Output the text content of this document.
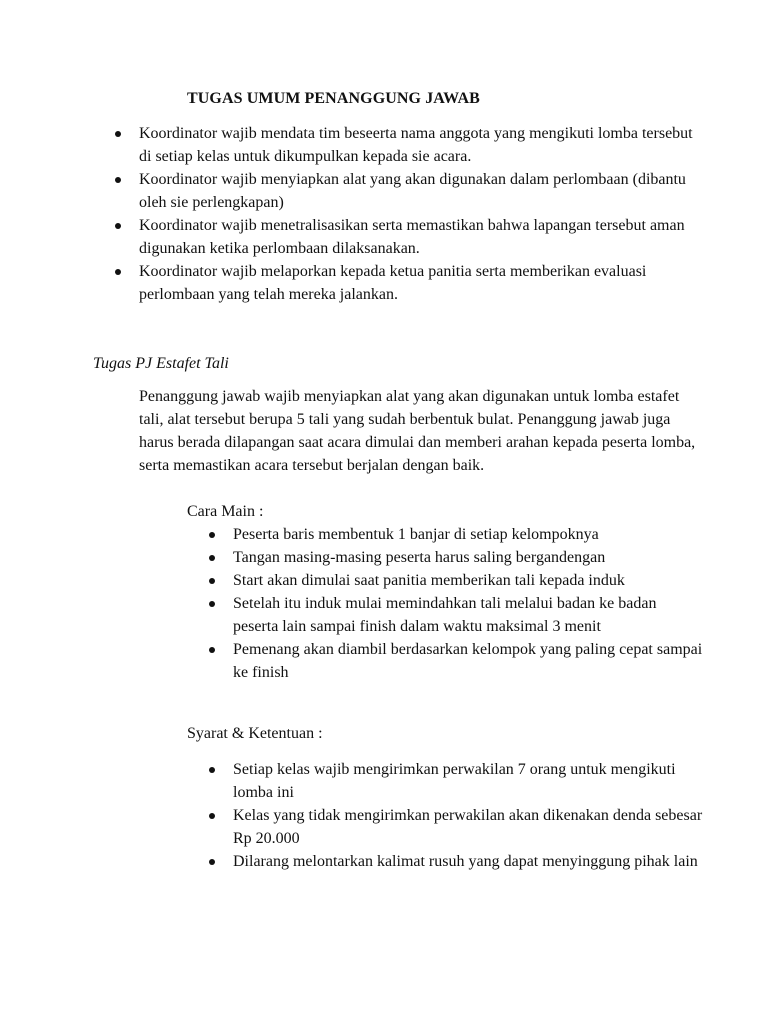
TUGAS UMUM PENANGGUNG JAWAB
Koordinator wajib mendata tim beseerta nama anggota yang mengikuti lomba tersebut di setiap kelas untuk dikumpulkan kepada sie acara.
Koordinator wajib menyiapkan alat yang akan digunakan dalam perlombaan (dibantu oleh sie perlengkapan)
Koordinator wajib menetralisasikan serta memastikan bahwa lapangan tersebut aman digunakan ketika perlombaan dilaksanakan.
Koordinator wajib melaporkan kepada ketua panitia serta memberikan evaluasi perlombaan yang telah mereka jalankan.
Tugas PJ Estafet Tali

Penanggung jawab wajib menyiapkan alat yang akan digunakan untuk lomba estafet tali, alat tersebut berupa 5 tali yang sudah berbentuk bulat. Penanggung jawab juga harus berada dilapangan saat acara dimulai dan memberi arahan kepada peserta lomba, serta memastikan acara tersebut berjalan dengan baik.

Cara Main :
Peserta baris membentuk 1 banjar di setiap kelompoknya
Tangan masing-masing peserta harus saling bergandengan
Start akan dimulai saat panitia memberikan tali kepada induk
Setelah itu induk mulai memindahkan tali melalui badan ke badan peserta lain sampai finish dalam waktu maksimal 3 menit
Pemenang akan diambil berdasarkan kelompok yang paling cepat sampai ke finish
Syarat & Ketentuan :
Setiap kelas wajib mengirimkan perwakilan 7 orang untuk mengikuti lomba ini
Kelas yang tidak mengirimkan perwakilan akan dikenakan denda sebesar Rp 20.000
Dilarang melontarkan kalimat rusuh yang dapat menyinggung pihak lain
